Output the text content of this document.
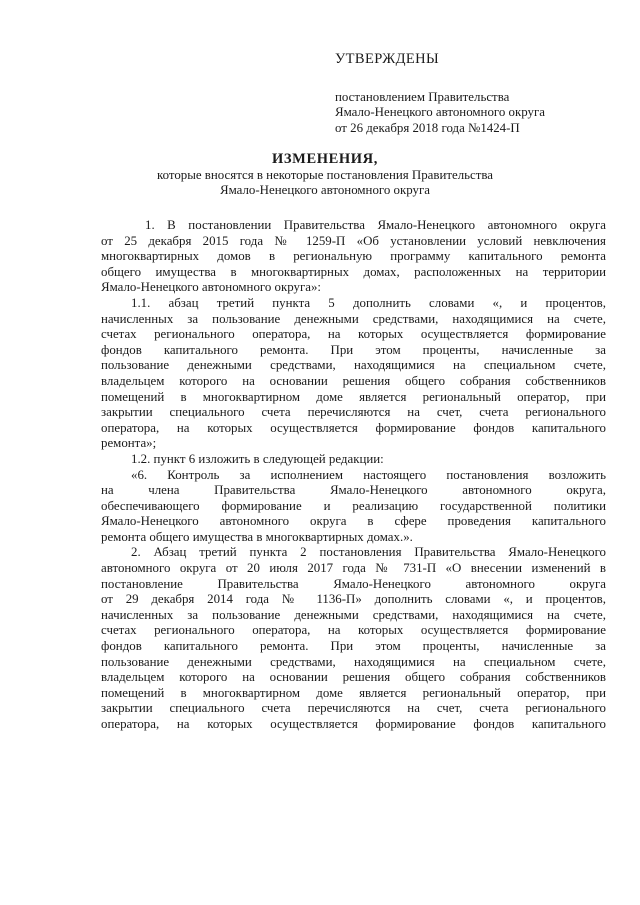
УТВЕРЖДЕНЫ
постановлением Правительства
Ямало-Ненецкого автономного округа
от 26 декабря 2018 года №1424-П
ИЗМЕНЕНИЯ,
которые вносятся в некоторые постановления Правительства
Ямало-Ненецкого автономного округа
1. В постановлении Правительства Ямало-Ненецкого автономного округа
от 25 декабря 2015 года № 1259-П «Об установлении условий невключения
многоквартирных домов в региональную программу капитального ремонта
общего имущества в многоквартирных домах, расположенных на территории
Ямало-Ненецкого автономного округа»:
1.1. абзац третий пункта 5 дополнить словами «, и процентов,
начисленных за пользование денежными средствами, находящимися на счете,
счетах регионального оператора, на которых осуществляется формирование
фондов капитального ремонта. При этом проценты, начисленные за
пользование денежными средствами, находящимися на специальном счете,
владельцем которого на основании решения общего собрания собственников
помещений в многоквартирном доме является региональный оператор, при
закрытии специального счета перечисляются на счет, счета регионального
оператора, на которых осуществляется формирование фондов капитального
ремонта»;
1.2. пункт 6 изложить в следующей редакции:
«6. Контроль за исполнением настоящего постановления возложить
на члена Правительства Ямало-Ненецкого автономного округа,
обеспечивающего формирование и реализацию государственной политики
Ямало-Ненецкого автономного округа в сфере проведения капитального
ремонта общего имущества в многоквартирных домах.».
2. Абзац третий пункта 2 постановления Правительства Ямало-Ненецкого
автономного округа от 20 июля 2017 года № 731-П «О внесении изменений в
постановление Правительства Ямало-Ненецкого автономного округа
от 29 декабря 2014 года № 1136-П» дополнить словами «, и процентов,
начисленных за пользование денежными средствами, находящимися на счете,
счетах регионального оператора, на которых осуществляется формирование
фондов капитального ремонта. При этом проценты, начисленные за
пользование денежными средствами, находящимися на специальном счете,
владельцем которого на основании решения общего собрания собственников
помещений в многоквартирном доме является региональный оператор, при
закрытии специального счета перечисляются на счет, счета регионального
оператора, на которых осуществляется формирование фондов капитального
